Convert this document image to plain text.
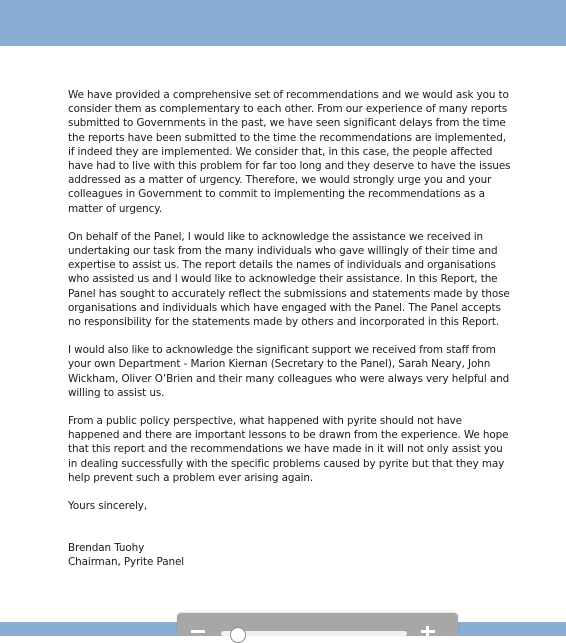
We have provided a comprehensive set of recommendations and we would ask you to consider them as complementary to each other. From our experience of many reports submitted to Governments in the past, we have seen significant delays from the time the reports have been submitted to the time the recommendations are implemented, if indeed they are implemented. We consider that, in this case, the people affected have had to live with this problem for far too long and they deserve to have the issues addressed as a matter of urgency. Therefore, we would strongly urge you and your colleagues in Government to commit to implementing the recommendations as a matter of urgency.

On behalf of the Panel, I would like to acknowledge the assistance we received in undertaking our task from the many individuals who gave willingly of their time and expertise to assist us. The report details the names of individuals and organisations who assisted us and I would like to acknowledge their assistance. In this Report, the Panel has sought to accurately reflect the submissions and statements made by those organisations and individuals which have engaged with the Panel. The Panel accepts no responsibility for the statements made by others and incorporated in this Report.

I would also like to acknowledge the significant support we received from staff from your own Department - Marion Kiernan (Secretary to the Panel), Sarah Neary, John Wickham, Oliver O’Brien and their many colleagues who were always very helpful and willing to assist us.

From a public policy perspective, what happened with pyrite should not have happened and there are important lessons to be drawn from the experience. We hope that this report and the recommendations we have made in it will not only assist you in dealing successfully with the specific problems caused by pyrite but that they may help prevent such a problem ever arising again.

Yours sincerely,

Brendan Tuohy
Chairman, Pyrite Panel
